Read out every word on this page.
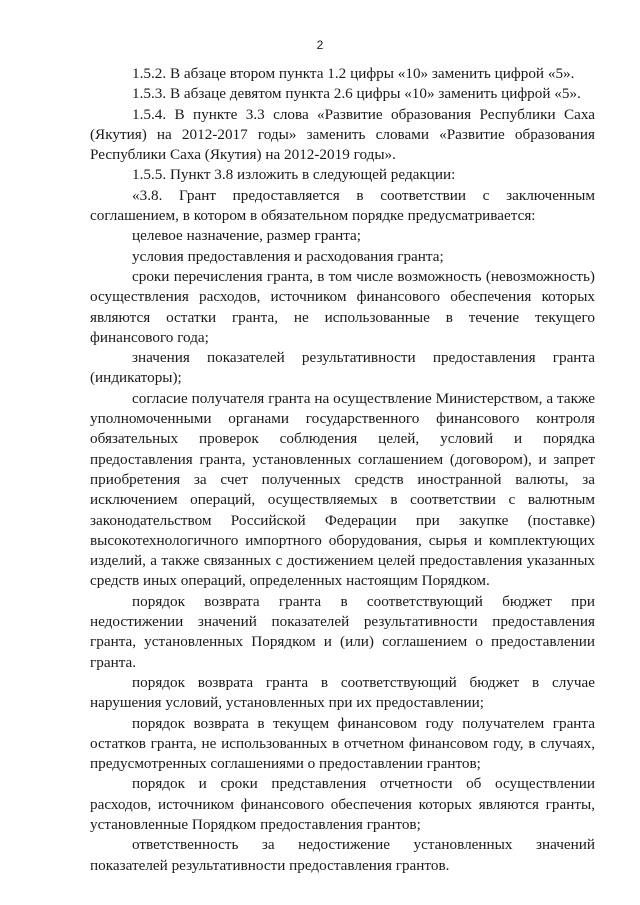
2

1.5.2. В абзаце втором пункта 1.2 цифры «10» заменить цифрой «5».

1.5.3. В абзаце девятом пункта 2.6 цифры «10» заменить цифрой «5».

1.5.4. В пункте 3.3 слова «Развитие образования Республики Саха (Якутия) на 2012-2017 годы» заменить словами «Развитие образования Республики Саха (Якутия) на 2012-2019 годы».

1.5.5. Пункт 3.8 изложить в следующей редакции:

«3.8. Грант предоставляется в соответствии с заключенным соглашением, в котором в обязательном порядке предусматривается:

целевое назначение, размер гранта;

условия предоставления и расходования гранта;

сроки перечисления гранта, в том числе возможность (невозможность) осуществления расходов, источником финансового обеспечения которых являются остатки гранта, не использованные в течение текущего финансового года;

значения показателей результативности предоставления гранта (индикаторы);

согласие получателя гранта на осуществление Министерством, а также уполномоченными органами государственного финансового контроля обязательных проверок соблюдения целей, условий и порядка предоставления гранта, установленных соглашением (договором), и запрет приобретения за счет полученных средств иностранной валюты, за исключением операций, осуществляемых в соответствии с валютным законодательством Российской Федерации при закупке (поставке) высокотехнологичного импортного оборудования, сырья и комплектующих изделий, а также связанных с достижением целей предоставления указанных средств иных операций, определенных настоящим Порядком.

порядок возврата гранта в соответствующий бюджет при недостижении значений показателей результативности предоставления гранта, установленных Порядком и (или) соглашением о предоставлении гранта.

порядок возврата гранта в соответствующий бюджет в случае нарушения условий, установленных при их предоставлении;

порядок возврата в текущем финансовом году получателем гранта остатков гранта, не использованных в отчетном финансовом году, в случаях, предусмотренных соглашениями о предоставлении грантов;

порядок и сроки представления отчетности об осуществлении расходов, источником финансового обеспечения которых являются гранты, установленные Порядком предоставления грантов;

ответственность за недостижение установленных значений показателей результативности предоставления грантов.
